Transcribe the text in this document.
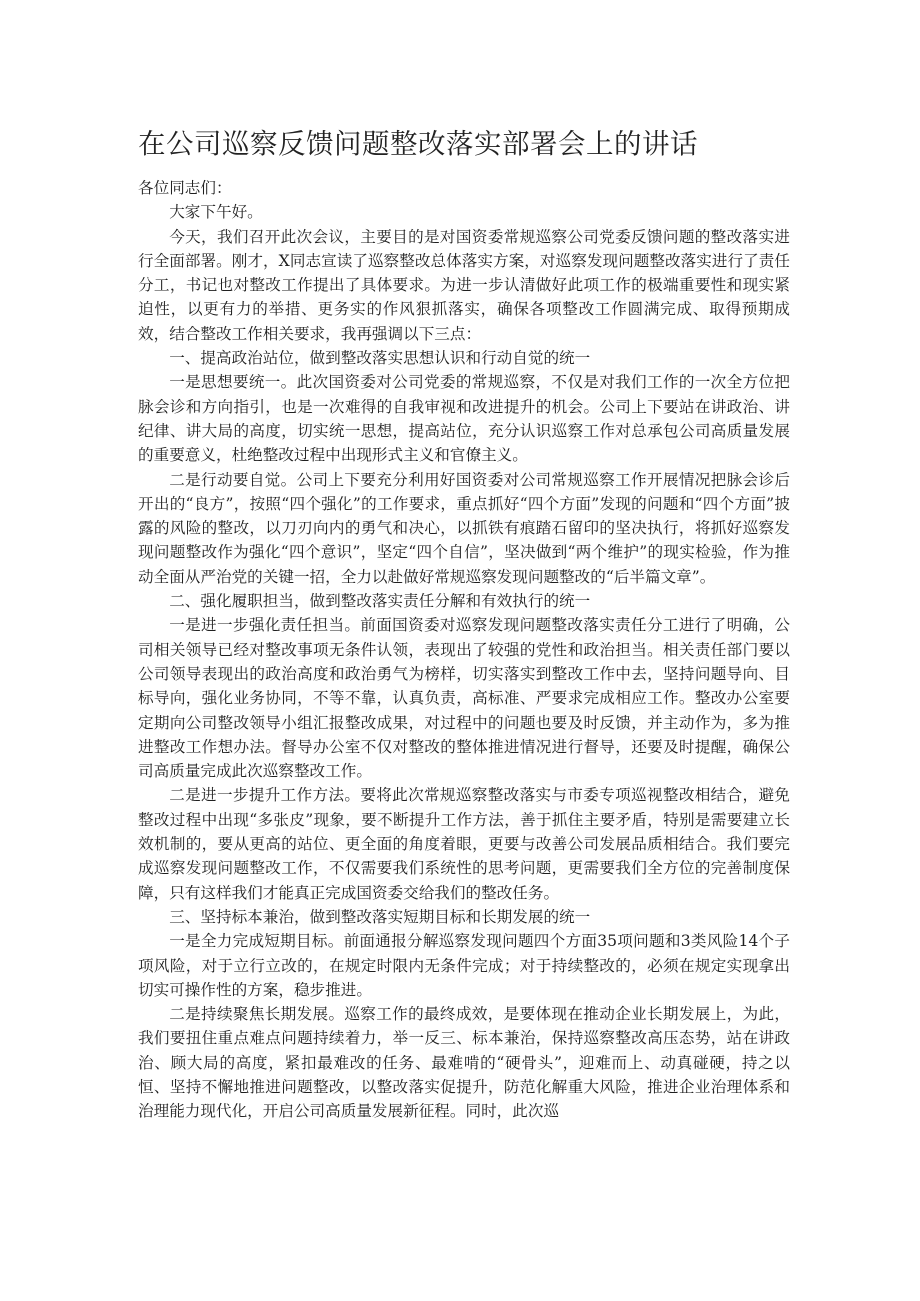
在公司巡察反馈问题整改落实部署会上的讲话

各位同志们：

大家下午好。

今天，我们召开此次会议，主要目的是对国资委常规巡察公司党委反馈问题的整改落实进行全面部署。刚才，X同志宣读了巡察整改总体落实方案，对巡察发现问题整改落实进行了责任分工，书记也对整改工作提出了具体要求。为进一步认清做好此项工作的极端重要性和现实紧迫性，以更有力的举措、更务实的作风狠抓落实，确保各项整改工作圆满完成、取得预期成效，结合整改工作相关要求，我再强调以下三点：

一、提高政治站位，做到整改落实思想认识和行动自觉的统一

一是思想要统一。此次国资委对公司党委的常规巡察，不仅是对我们工作的一次全方位把脉会诊和方向指引，也是一次难得的自我审视和改进提升的机会。公司上下要站在讲政治、讲纪律、讲大局的高度，切实统一思想，提高站位，充分认识巡察工作对总承包公司高质量发展的重要意义，杜绝整改过程中出现形式主义和官僚主义。

二是行动要自觉。公司上下要充分利用好国资委对公司常规巡察工作开展情况把脉会诊后开出的“良方”，按照“四个强化”的工作要求，重点抓好“四个方面”发现的问题和“四个方面”披露的风险的整改，以刀刃向内的勇气和决心，以抓铁有痕踏石留印的坚决执行，将抓好巡察发现问题整改作为强化“四个意识”，坚定“四个自信”，坚决做到“两个维护”的现实检验，作为推动全面从严治党的关键一招，全力以赴做好常规巡察发现问题整改的“后半篇文章”。

二、强化履职担当，做到整改落实责任分解和有效执行的统一

一是进一步强化责任担当。前面国资委对巡察发现问题整改落实责任分工进行了明确，公司相关领导已经对整改事项无条件认领，表现出了较强的党性和政治担当。相关责任部门要以公司领导表现出的政治高度和政治勇气为榜样，切实落实到整改工作中去，坚持问题导向、目标导向，强化业务协同，不等不靠，认真负责，高标准、严要求完成相应工作。整改办公室要定期向公司整改领导小组汇报整改成果，对过程中的问题也要及时反馈，并主动作为，多为推进整改工作想办法。督导办公室不仅对整改的整体推进情况进行督导，还要及时提醒，确保公司高质量完成此次巡察整改工作。

二是进一步提升工作方法。要将此次常规巡察整改落实与市委专项巡视整改相结合，避免整改过程中出现“多张皮”现象，要不断提升工作方法，善于抓住主要矛盾，特别是需要建立长效机制的，要从更高的站位、更全面的角度着眼，更要与改善公司发展品质相结合。我们要完成巡察发现问题整改工作，不仅需要我们系统性的思考问题，更需要我们全方位的完善制度保障，只有这样我们才能真正完成国资委交给我们的整改任务。

三、坚持标本兼治，做到整改落实短期目标和长期发展的统一

一是全力完成短期目标。前面通报分解巡察发现问题四个方面35项问题和3类风险14个子项风险，对于立行立改的，在规定时限内无条件完成；对于持续整改的，必须在规定实现拿出切实可操作性的方案，稳步推进。

二是持续聚焦长期发展。巡察工作的最终成效，是要体现在推动企业长期发展上，为此，我们要扭住重点难点问题持续着力，举一反三、标本兼治，保持巡察整改高压态势，站在讲政治、顾大局的高度，紧扣最难改的任务、最难啃的“硬骨头”，迎难而上、动真碰硬，持之以恒、坚持不懈地推进问题整改，以整改落实促提升，防范化解重大风险，推进企业治理体系和治理能力现代化，开启公司高质量发展新征程。同时，此次巡
